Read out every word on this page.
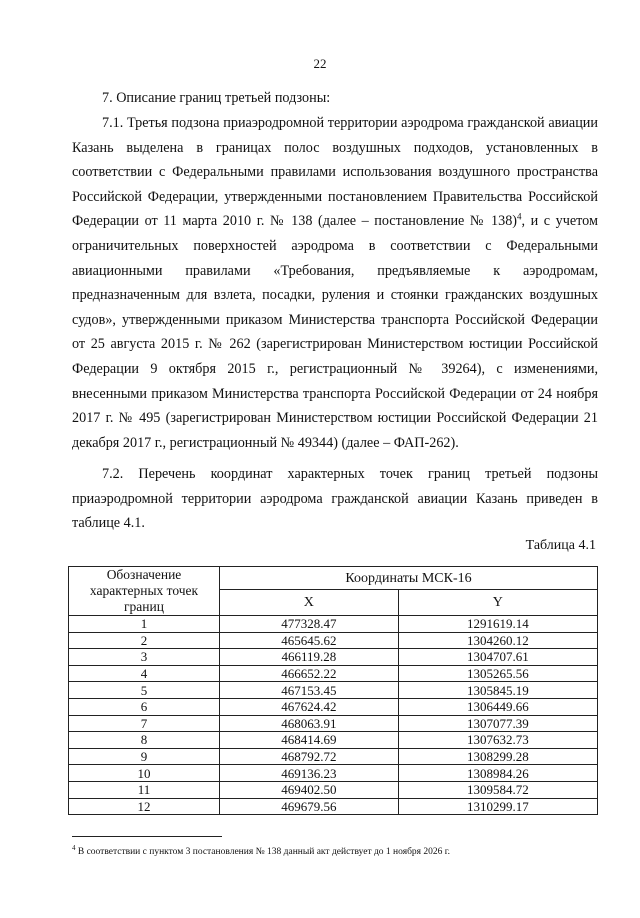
22
7. Описание границ третьей подзоны:
7.1. Третья подзона приаэродромной территории аэродрома гражданской авиации Казань выделена в границах полос воздушных подходов, установленных в соответствии с Федеральными правилами использования воздушного пространства Российской Федерации, утвержденными постановлением Правительства Российской Федерации от 11 марта 2010 г. № 138 (далее – постановление № 138)$^4$, и с учетом ограничительных поверхностей аэродрома в соответствии с Федеральными авиационными правилами «Требования, предъявляемые к аэродромам, предназначенным для взлета, посадки, руления и стоянки гражданских воздушных судов», утвержденными приказом Министерства транспорта Российской Федерации от 25 августа 2015 г. № 262 (зарегистрирован Министерством юстиции Российской Федерации 9 октября 2015 г., регистрационный № 39264), с изменениями, внесенными приказом Министерства транспорта Российской Федерации от 24 ноября 2017 г. № 495 (зарегистрирован Министерством юстиции Российской Федерации 21 декабря 2017 г., регистрационный № 49344) (далее – ФАП-262).
7.2. Перечень координат характерных точек границ третьей подзоны приаэродромной территории аэродрома гражданской авиации Казань приведен в таблице 4.1.
Таблица 4.1
Обозначение характерных точек границ	Координаты МСК-16	
	X	Y
1	477328.47	1291619.14
2	465645.62	1304260.12
3	466119.28	1304707.61
4	466652.22	1305265.56
5	467153.45	1305845.19
6	467624.42	1306449.66
7	468063.91	1307077.39
8	468414.69	1307632.73
9	468792.72	1308299.28
10	469136.23	1308984.26
11	469402.50	1309584.72
12	469679.56	1310299.17
$^4$ В соответствии с пунктом 3 постановления № 138 данный акт действует до 1 ноября 2026 г.
